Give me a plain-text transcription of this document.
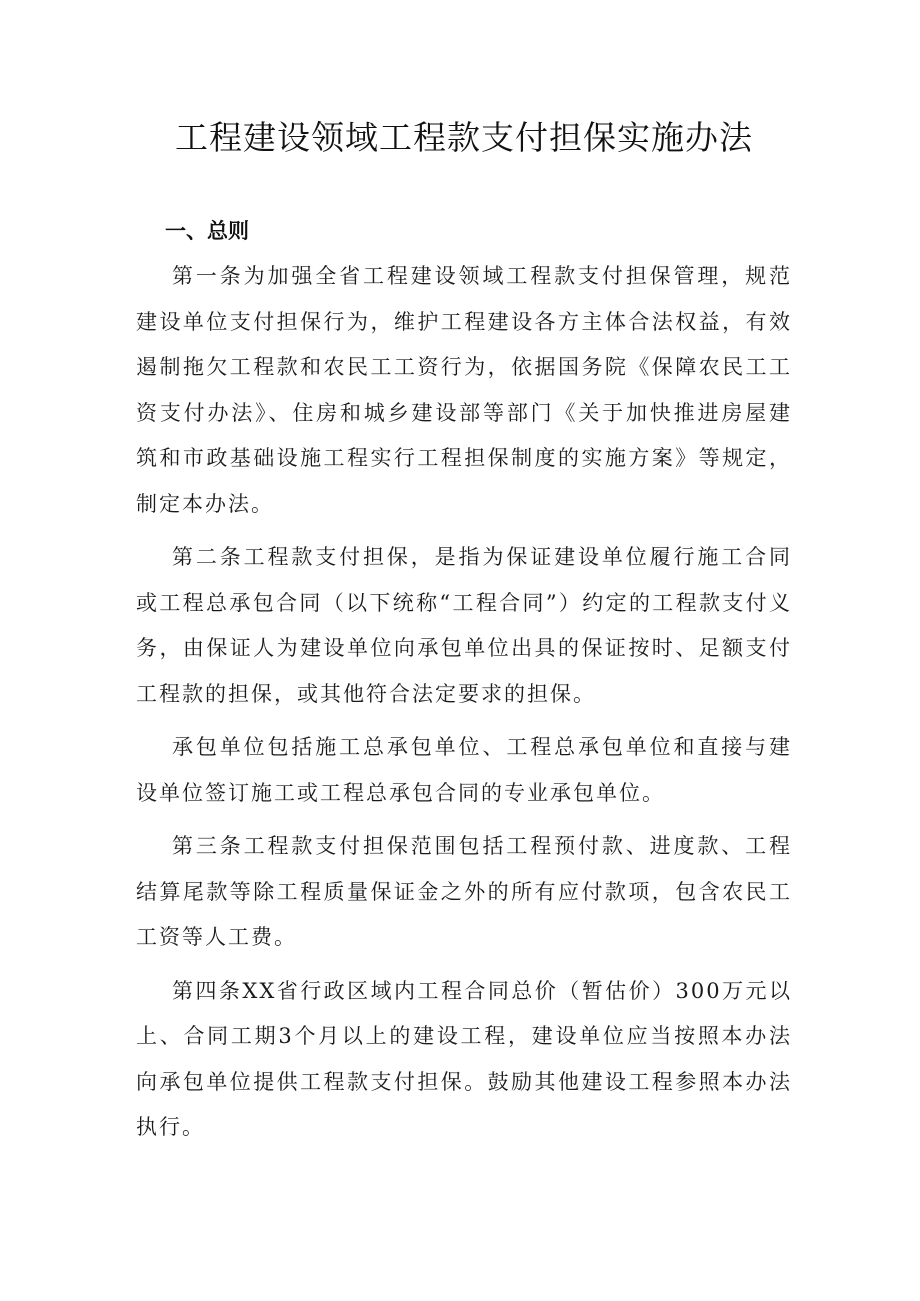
工程建设领域工程款支付担保实施办法
一、总则

第一条为加强全省工程建设领域工程款支付担保管理，规范建设单位支付担保行为，维护工程建设各方主体合法权益，有效遏制拖欠工程款和农民工工资行为，依据国务院《保障农民工工资支付办法》、住房和城乡建设部等部门《关于加快推进房屋建筑和市政基础设施工程实行工程担保制度的实施方案》等规定，制定本办法。

第二条工程款支付担保，是指为保证建设单位履行施工合同或工程总承包合同（以下统称“工程合同”）约定的工程款支付义务，由保证人为建设单位向承包单位出具的保证按时、足额支付工程款的担保，或其他符合法定要求的担保。

承包单位包括施工总承包单位、工程总承包单位和直接与建设单位签订施工或工程总承包合同的专业承包单位。

第三条工程款支付担保范围包括工程预付款、进度款、工程结算尾款等除工程质量保证金之外的所有应付款项，包含农民工工资等人工费。

第四条XX省行政区域内工程合同总价（暂估价）300万元以上、合同工期3个月以上的建设工程，建设单位应当按照本办法向承包单位提供工程款支付担保。鼓励其他建设工程参照本办法执行。
